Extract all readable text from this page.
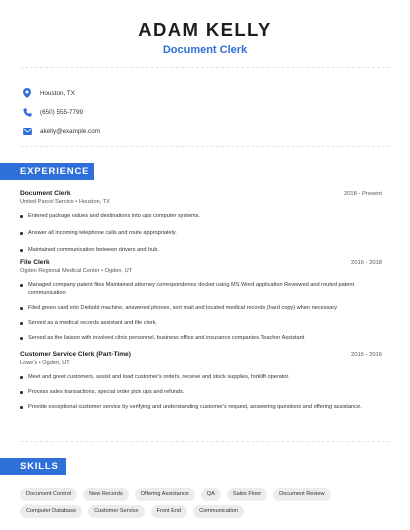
ADAM KELLY
Document Clerk
Houston, TX
(650) 555-7799
akelly@example.com
EXPERIENCE
Document Clerk	2018 - Present
United Parcel Service • Houston, TX
Entered package values and destinations into ups computer systems.
Answer all incoming telephone calls and route appropriately.
Maintained communication between drivers and hub.
File Clerk	2016 - 2018
Ogden Regional Medical Center • Ogden, UT
Managed company patent files Maintained attorney correspondence docket using MS Word application Reviewed and routed patent communication
Filed green card into Diebold machine, answered phones, sort mail and located medical records (hard copy) when necessary
Served as a medical records assistant and file clerk.
Served as the liaison with involved clinic personnel, business office and insurance companies.Teacher Assistant
Customer Service Clerk (Part-Time)	2015 - 2016
Lowe's • Ogden, UT
Meet and greet customers, assist and load customer's orders, receive and stock supplies, forklift operator.
Process sales transactions, special order pick ups and refunds.
Provide exceptional customer service by verifying and understanding customer's request, answering questions and offering assistance.
SKILLS
Document Control	New Records	Offering Assistance	QA	Sales Floor	Document Review
Computer Database	Customer Service	Front End	Communication
